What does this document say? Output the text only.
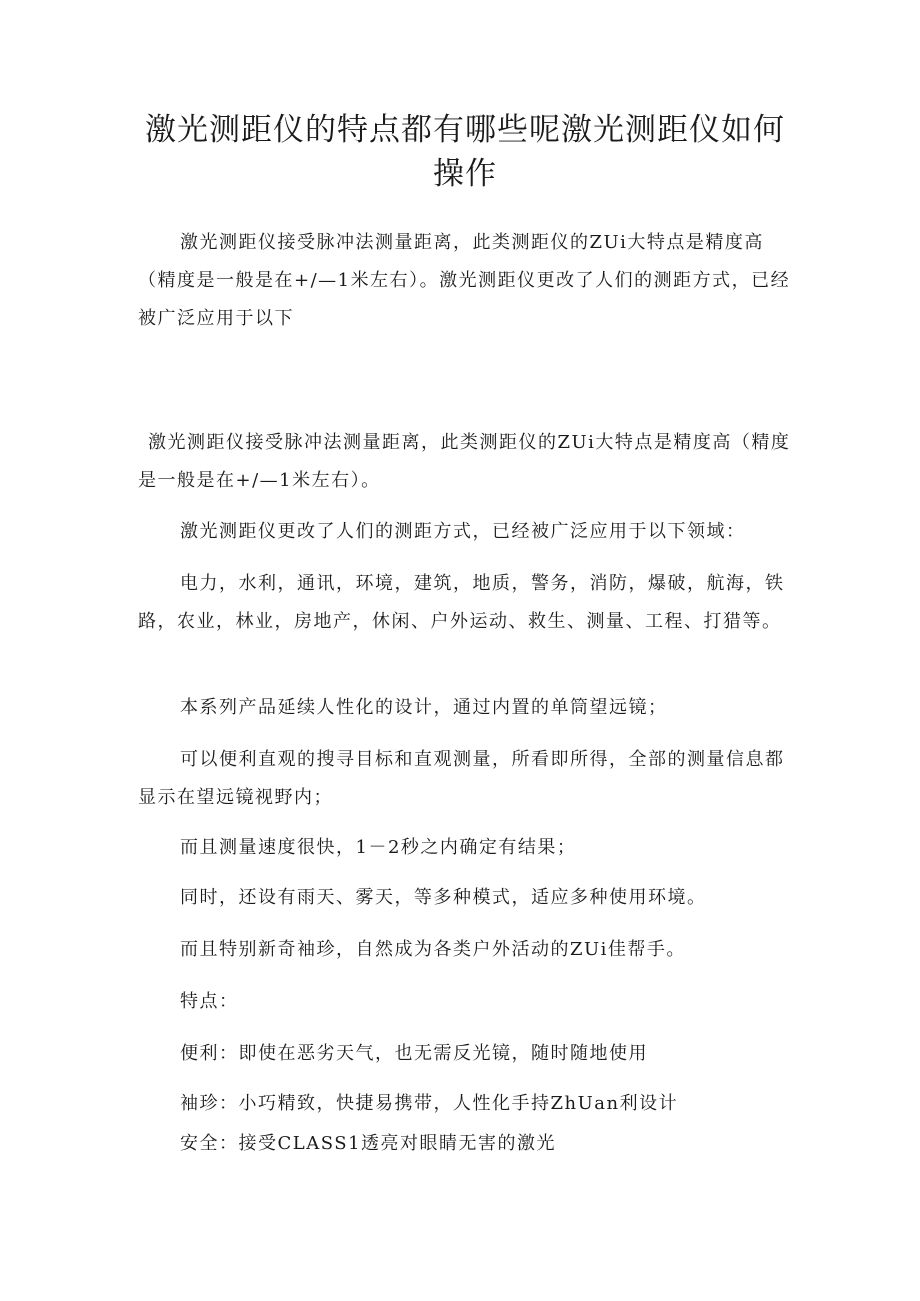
激光测距仪的特点都有哪些呢激光测距仪如何操作

激光测距仪接受脉冲法测量距离，此类测距仪的ZUi大特点是精度高（精度是一般是在+/—1米左右）。激光测距仪更改了人们的测距方式，已经被广泛应用于以下

激光测距仪接受脉冲法测量距离，此类测距仪的ZUi大特点是精度高（精度是一般是在+/—1米左右）。

激光测距仪更改了人们的测距方式，已经被广泛应用于以下领域：

电力，水利，通讯，环境，建筑，地质，警务，消防，爆破，航海，铁路，农业，林业，房地产，休闲、户外运动、救生、测量、工程、打猎等。

本系列产品延续人性化的设计，通过内置的单筒望远镜；

可以便利直观的搜寻目标和直观测量，所看即所得，全部的测量信息都显示在望远镜视野内；

而且测量速度很快，1－2秒之内确定有结果；

同时，还设有雨天、雾天，等多种模式，适应多种使用环境。

而且特别新奇袖珍，自然成为各类户外活动的ZUi佳帮手。

特点：

便利：即使在恶劣天气，也无需反光镜，随时随地使用

袖珍：小巧精致，快捷易携带，人性化手持ZhUan利设计

安全：接受CLASS1透亮对眼睛无害的激光
